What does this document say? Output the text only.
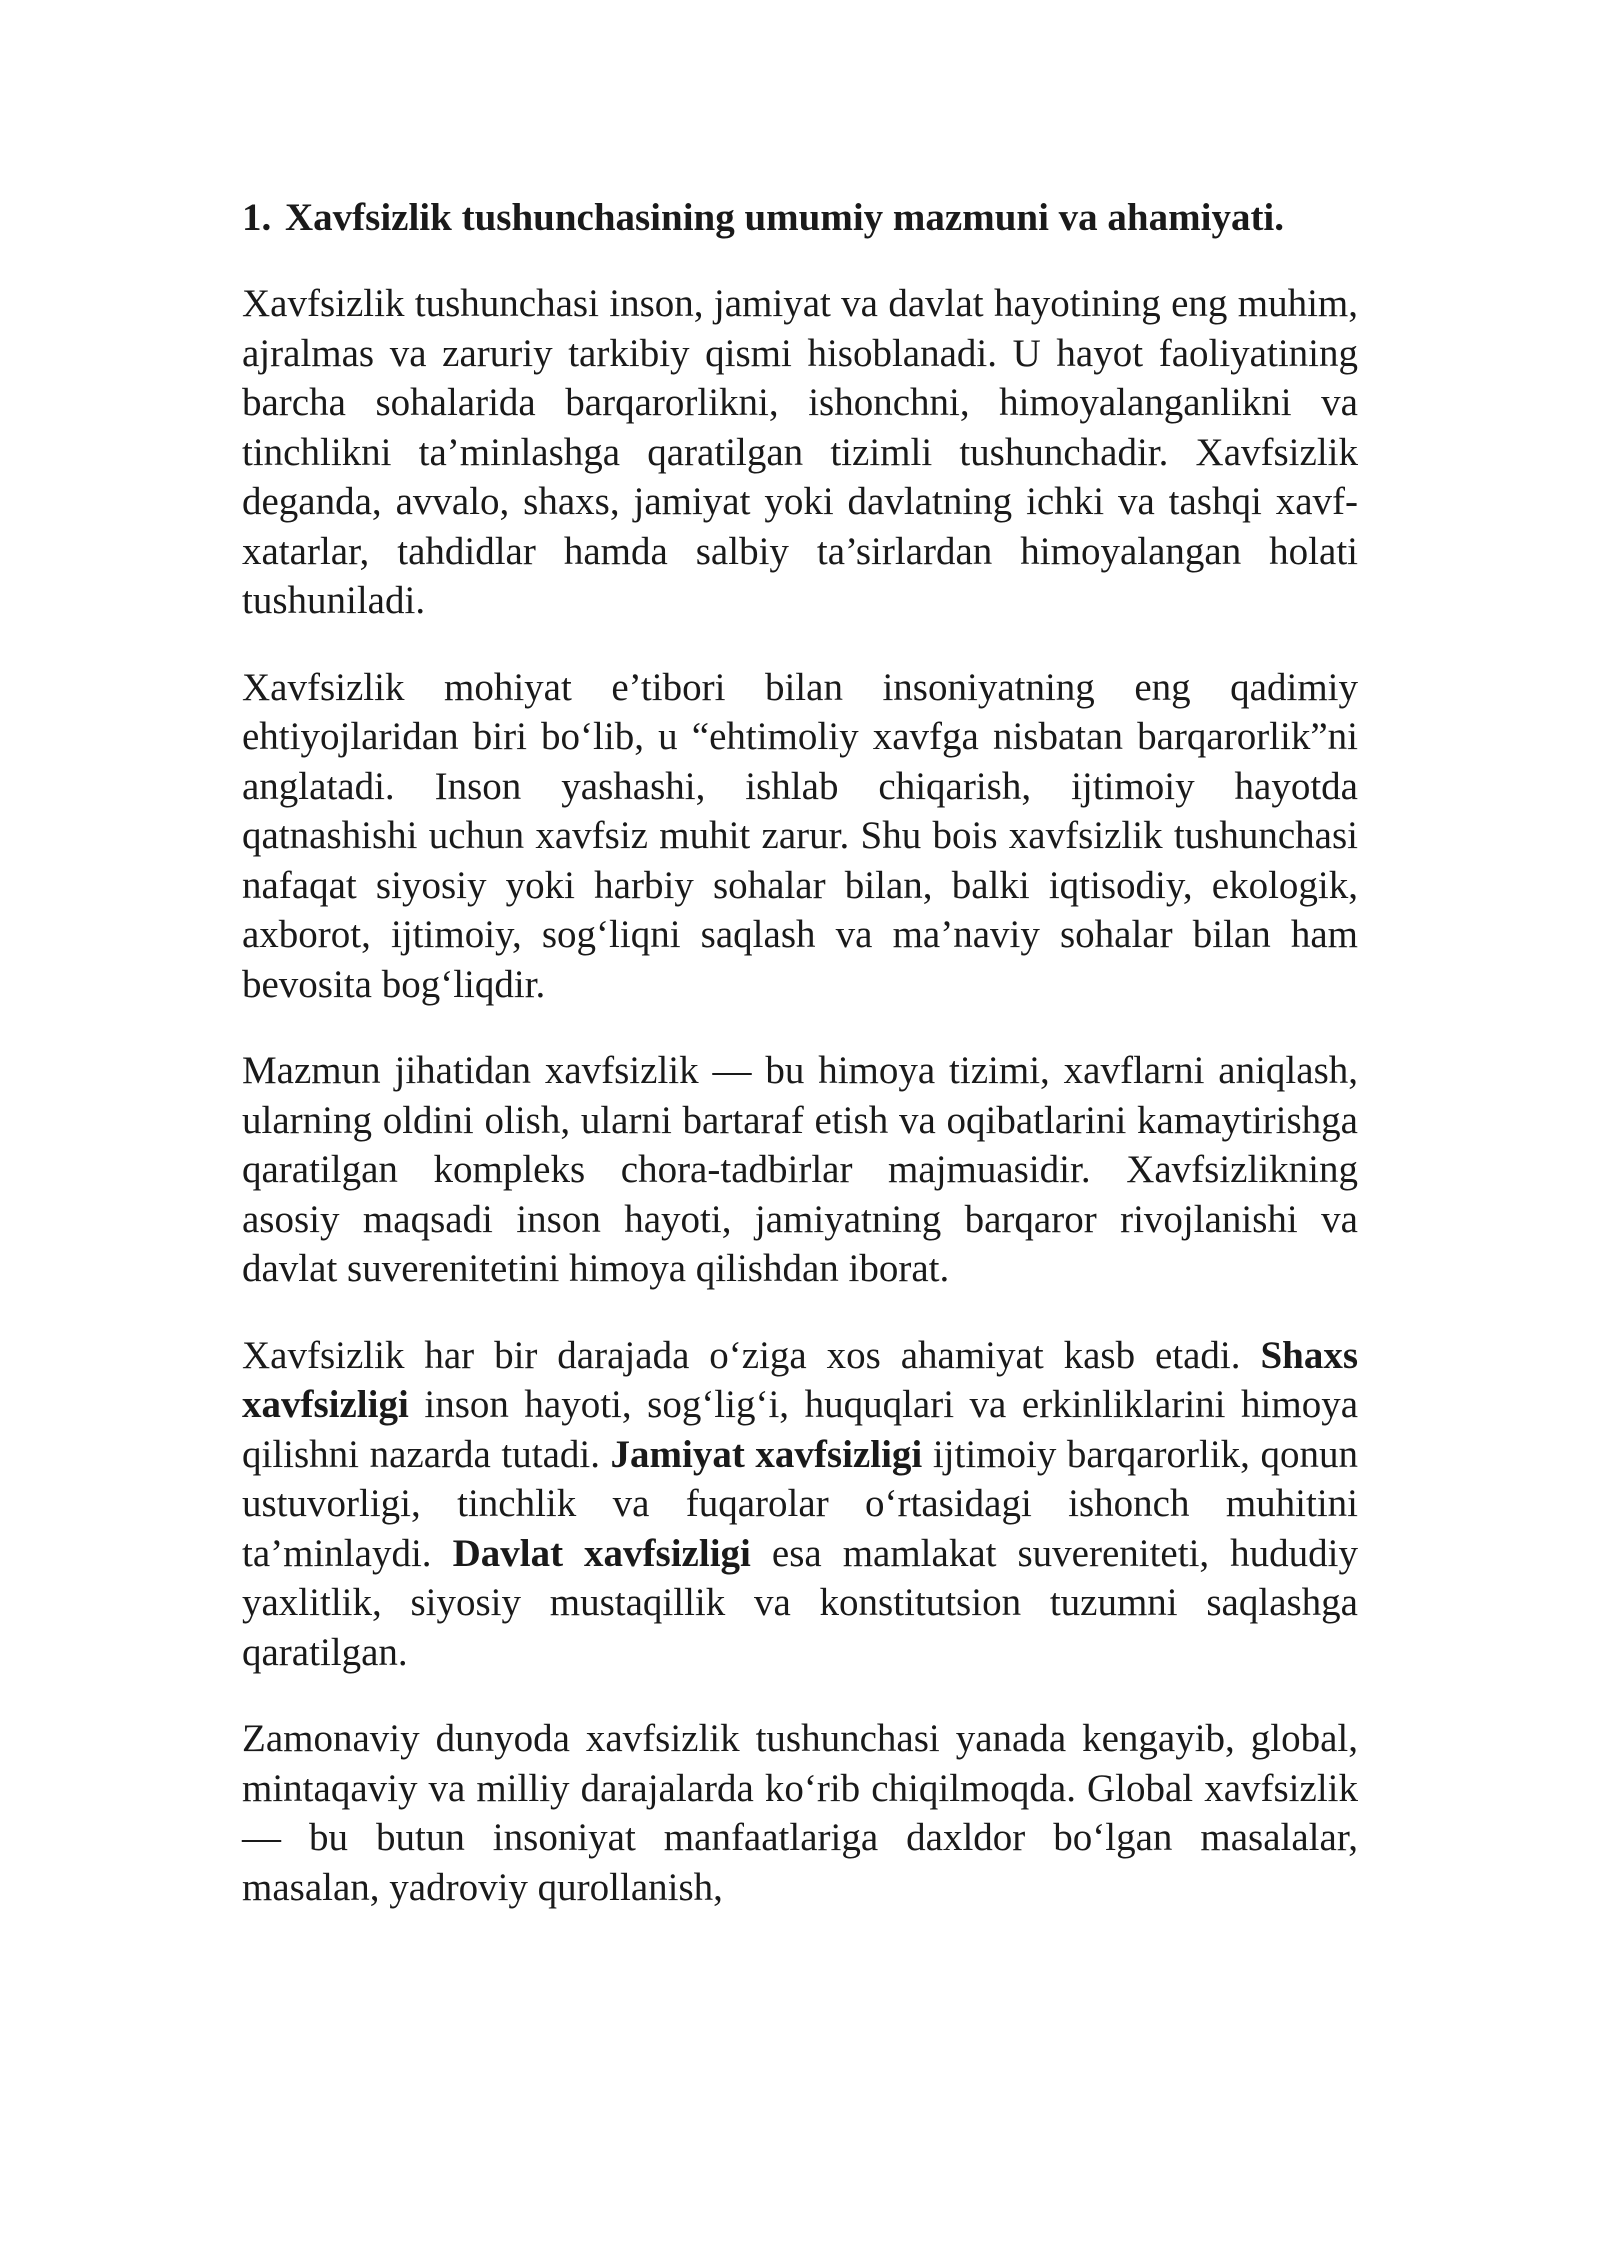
1. Xavfsizlik tushunchasining umumiy mazmuni va ahamiyati.

Xavfsizlik tushunchasi inson, jamiyat va davlat hayotining eng muhim, ajralmas va zaruriy tarkibiy qismi hisoblanadi. U hayot faoliyatining barcha sohalarida barqarorlikni, ishonchni, himoyalanganlikni va tinchlikni ta’minlashga qaratilgan tizimli tushunchadir. Xavfsizlik deganda, avvalo, shaxs, jamiyat yoki davlatning ichki va tashqi xavf-xatarlar, tahdidlar hamda salbiy ta’sirlardan himoyalangan holati tushuniladi.

Xavfsizlik mohiyat e’tibori bilan insoniyatning eng qadimiy ehtiyojlaridan biri bo‘lib, u “ehtimoliy xavfga nisbatan barqarorlik”ni anglatadi. Inson yashashi, ishlab chiqarish, ijtimoiy hayotda qatnashishi uchun xavfsiz muhit zarur. Shu bois xavfsizlik tushunchasi nafaqat siyosiy yoki harbiy sohalar bilan, balki iqtisodiy, ekologik, axborot, ijtimoiy, sog‘liqni saqlash va ma’naviy sohalar bilan ham bevosita bog‘liqdir.

Mazmun jihatidan xavfsizlik — bu himoya tizimi, xavflarni aniqlash, ularning oldini olish, ularni bartaraf etish va oqibatlarini kamaytirishga qaratilgan kompleks chora-tadbirlar majmuasidir. Xavfsizlikning asosiy maqsadi inson hayoti, jamiyatning barqaror rivojlanishi va davlat suverenitetini himoya qilishdan iborat.

Xavfsizlik har bir darajada o‘ziga xos ahamiyat kasb etadi. Shaxs xavfsizligi inson hayoti, sog‘lig‘i, huquqlari va erkinliklarini himoya qilishni nazarda tutadi. Jamiyat xavfsizligi ijtimoiy barqarorlik, qonun ustuvorligi, tinchlik va fuqarolar o‘rtasidagi ishonch muhitini ta’minlaydi. Davlat xavfsizligi esa mamlakat suvereniteti, hududiy yaxlitlik, siyosiy mustaqillik va konstitutsion tuzumni saqlashga qaratilgan.

Zamonaviy dunyoda xavfsizlik tushunchasi yanada kengayib, global, mintaqaviy va milliy darajalarda ko‘rib chiqilmoqda. Global xavfsizlik — bu butun insoniyat manfaatlariga daxldor bo‘lgan masalalar, masalan, yadroviy qurollanish,
